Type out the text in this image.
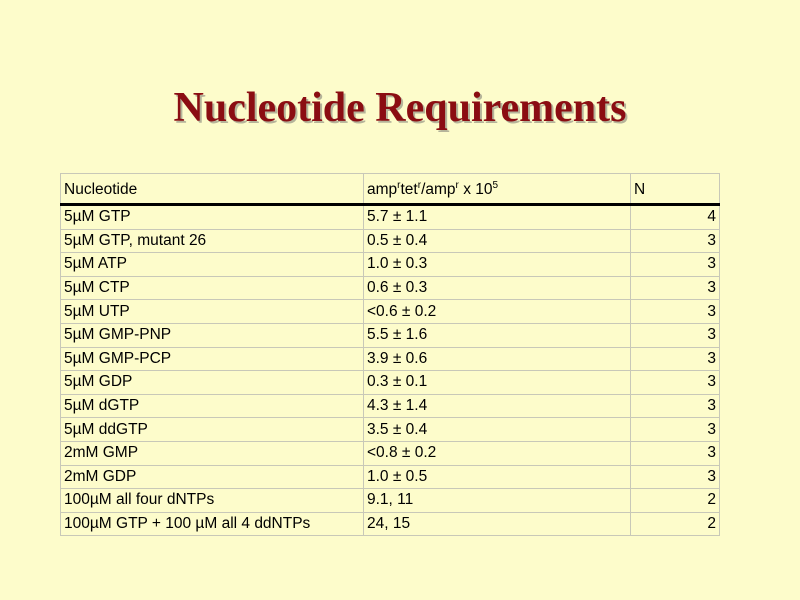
Nucleotide Requirements
Nucleotide	amp$^r$tet$^r$/amp$^r$ x $10^5$	N
5µM GTP	5.7 ± 1.1	4
5µM GTP, mutant 26	0.5 ± 0.4	3
5µM ATP	1.0 ± 0.3	3
5µM CTP	0.6 ± 0.3	3
5µM UTP	<0.6 ± 0.2	3
5µM GMP-PNP	5.5 ± 1.6	3
5µM GMP-PCP	3.9 ± 0.6	3
5µM GDP	0.3 ± 0.1	3
5µM dGTP	4.3 ± 1.4	3
5µM ddGTP	3.5 ± 0.4	3
2mM GMP	<0.8 ± 0.2	3
2mM GDP	1.0 ± 0.5	3
100µM all four dNTPs	9.1, 11	2
100µM GTP + 100 µM all 4 ddNTPs	24, 15	2
